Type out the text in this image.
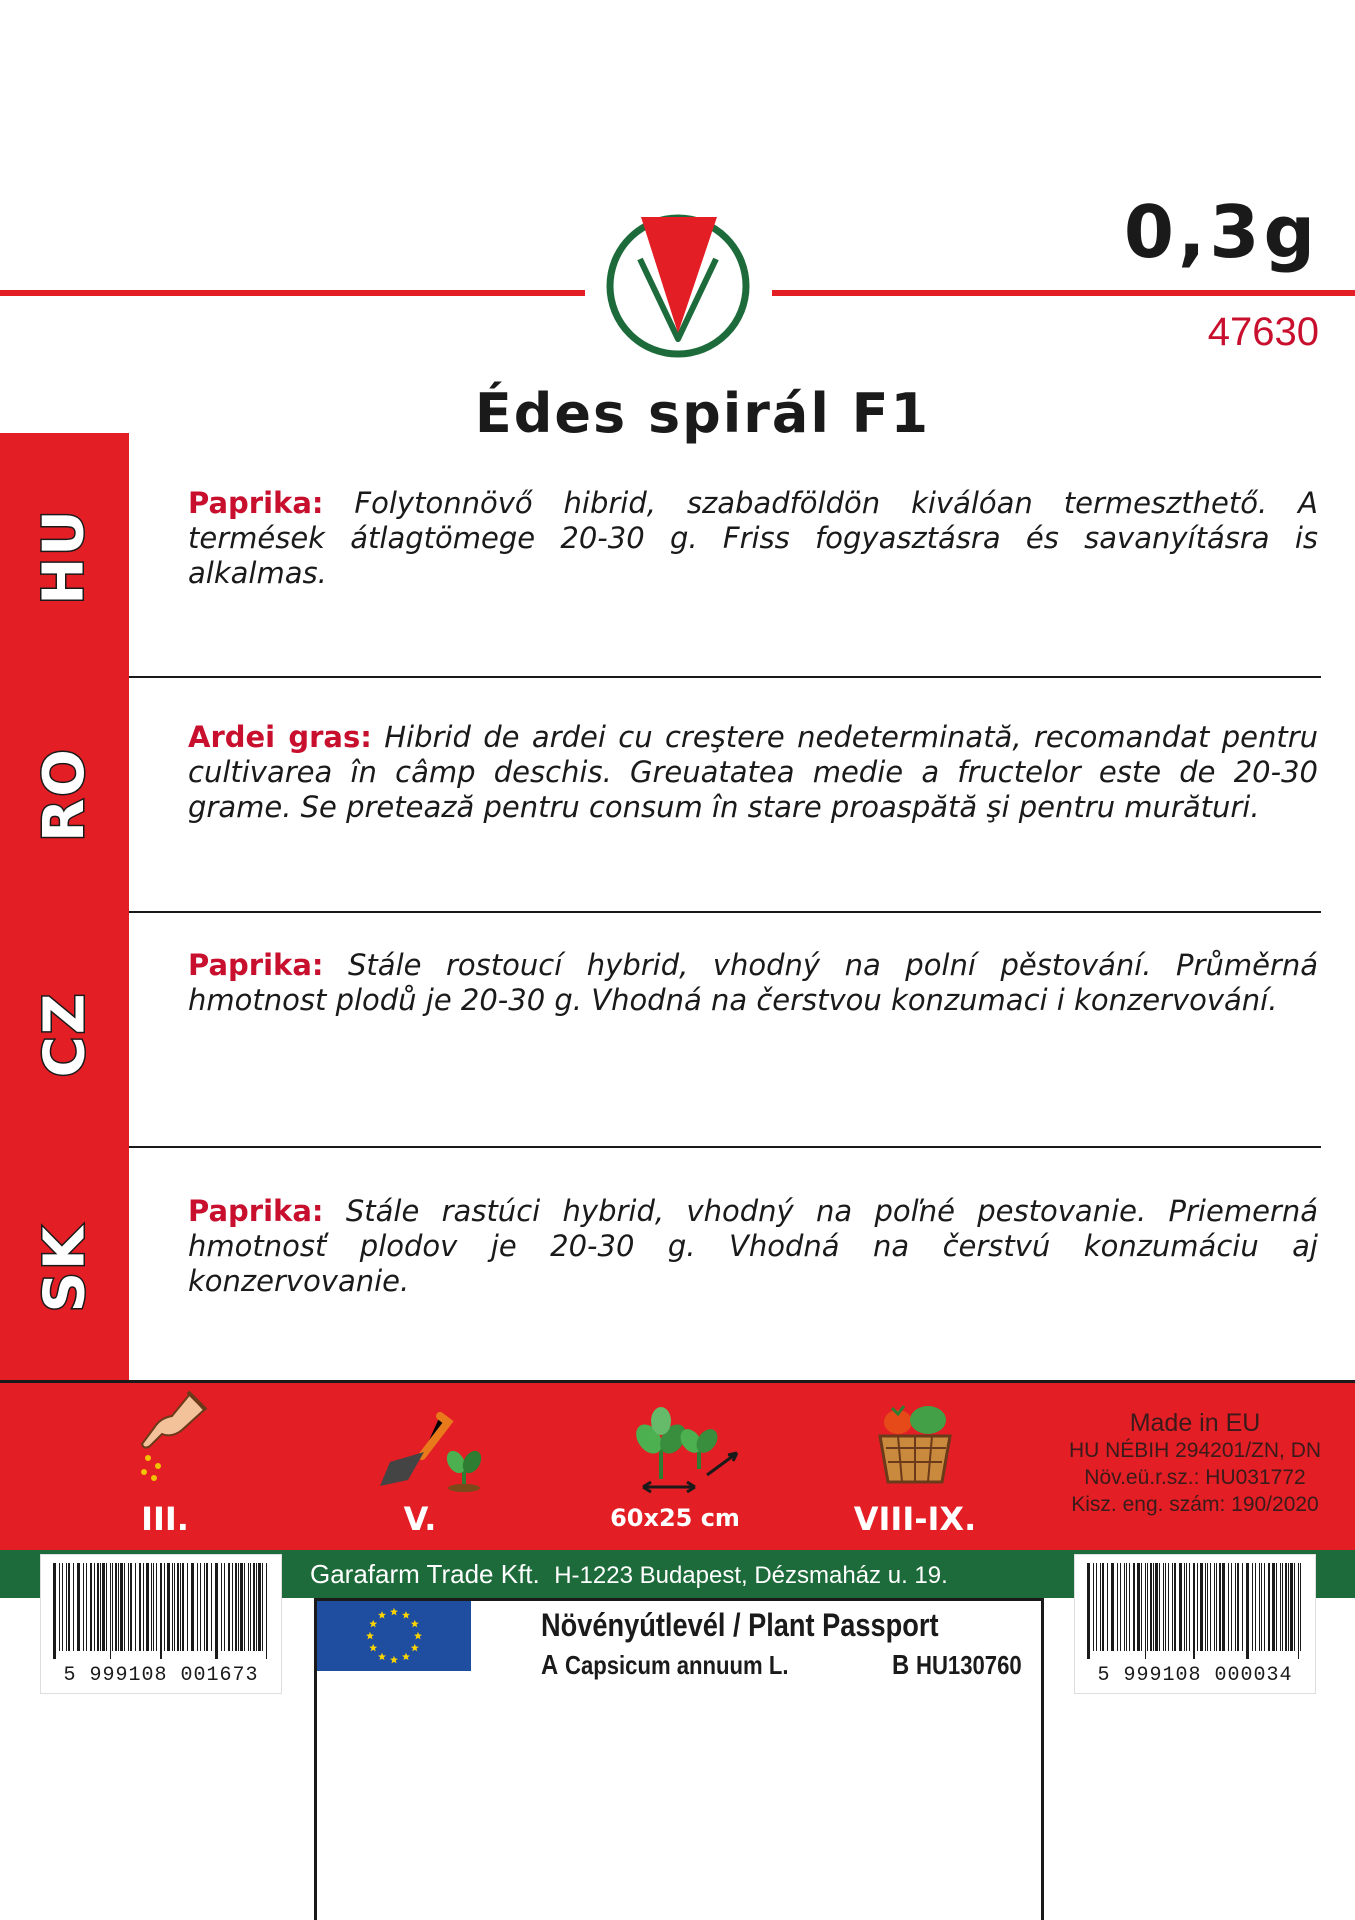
0,3g
47630
Édes spirál F1
HU
RO
CZ
SK
Paprika: Folytonnövő hibrid, szabadföldön kiválóan termeszthető. A termések átlagtömege 20-30 g. Friss fogyasztásra és savanyításra is alkalmas.
Ardei gras: Hibrid de ardei cu creştere nedeterminată, recomandat pentru cultivarea în câmp deschis. Greuatatea medie a fructelor este de 20-30 grame. Se pretează pentru consum în stare proaspătă şi pentru murături.
Paprika: Stále rostoucí hybrid, vhodný na polní pěstování. Průměrná hmotnost plodů je 20-30 g. Vhodná na čerstvou konzumaci i konzervování.
Paprika: Stále rastúci hybrid, vhodný na poľné pestovanie. Priemerná hmotnosť plodov je 20-30 g. Vhodná na čerstvú konzumáciu aj konzervovanie.
III.	V.	60x25 cm	VIII-IX.
Made in EU
HU NÉBIH 294201/ZN, DN
Növ.eü.r.sz.: HU031772
Kisz. eng. szám: 190/2020
Garafarm Trade Kft. H-1223 Budapest, Dézsmaház u. 19.
5 999108 001673	5 999108 000034
Növényútlevél / Plant Passport
A Capsicum annuum L.	B HU130760
